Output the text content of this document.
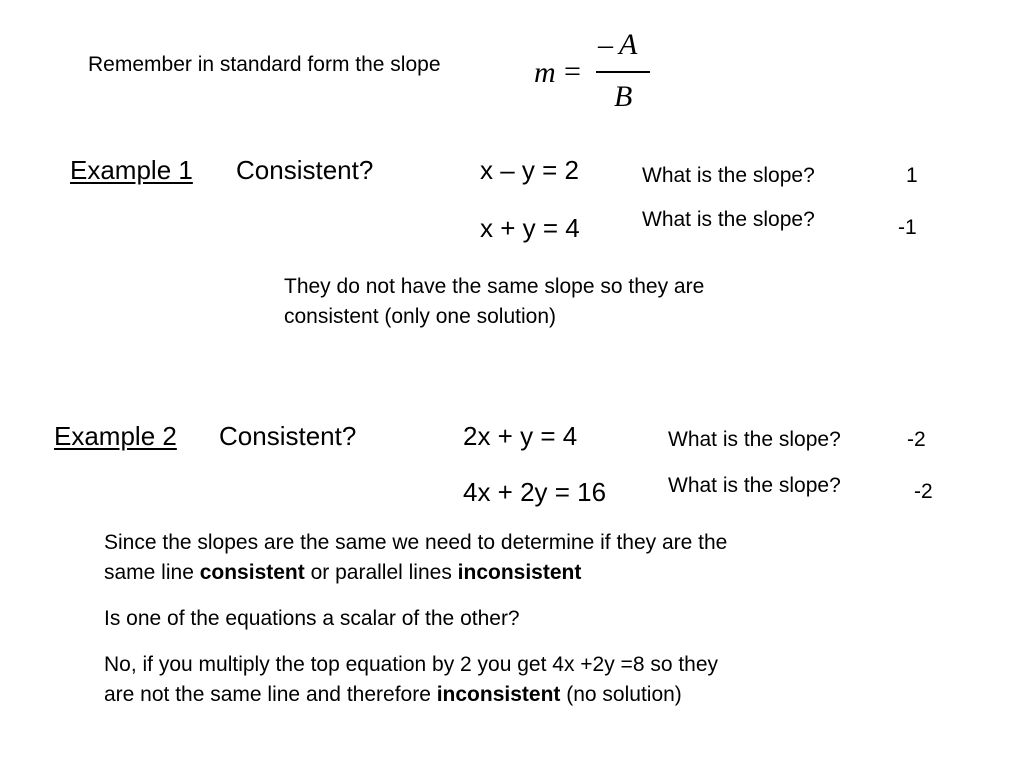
Remember in standard form the slope	m =
– A
B
Example 1 Consistent?	x – y = 2
x + y = 4
What is the slope?	1
What is the slope?	-1
They do not have the same slope so they are
consistent (only one solution)
Example 2 Consistent?	2x + y = 4
4x + 2y = 16
What is the slope?	-2
What is the slope?	-2
Since the slopes are the same we need to determine if they are the
same line consistent or parallel lines inconsistent
Is one of the equations a scalar of the other?
No, if you multiply the top equation by 2 you get 4x +2y =8 so they
are not the same line and therefore inconsistent (no solution)
